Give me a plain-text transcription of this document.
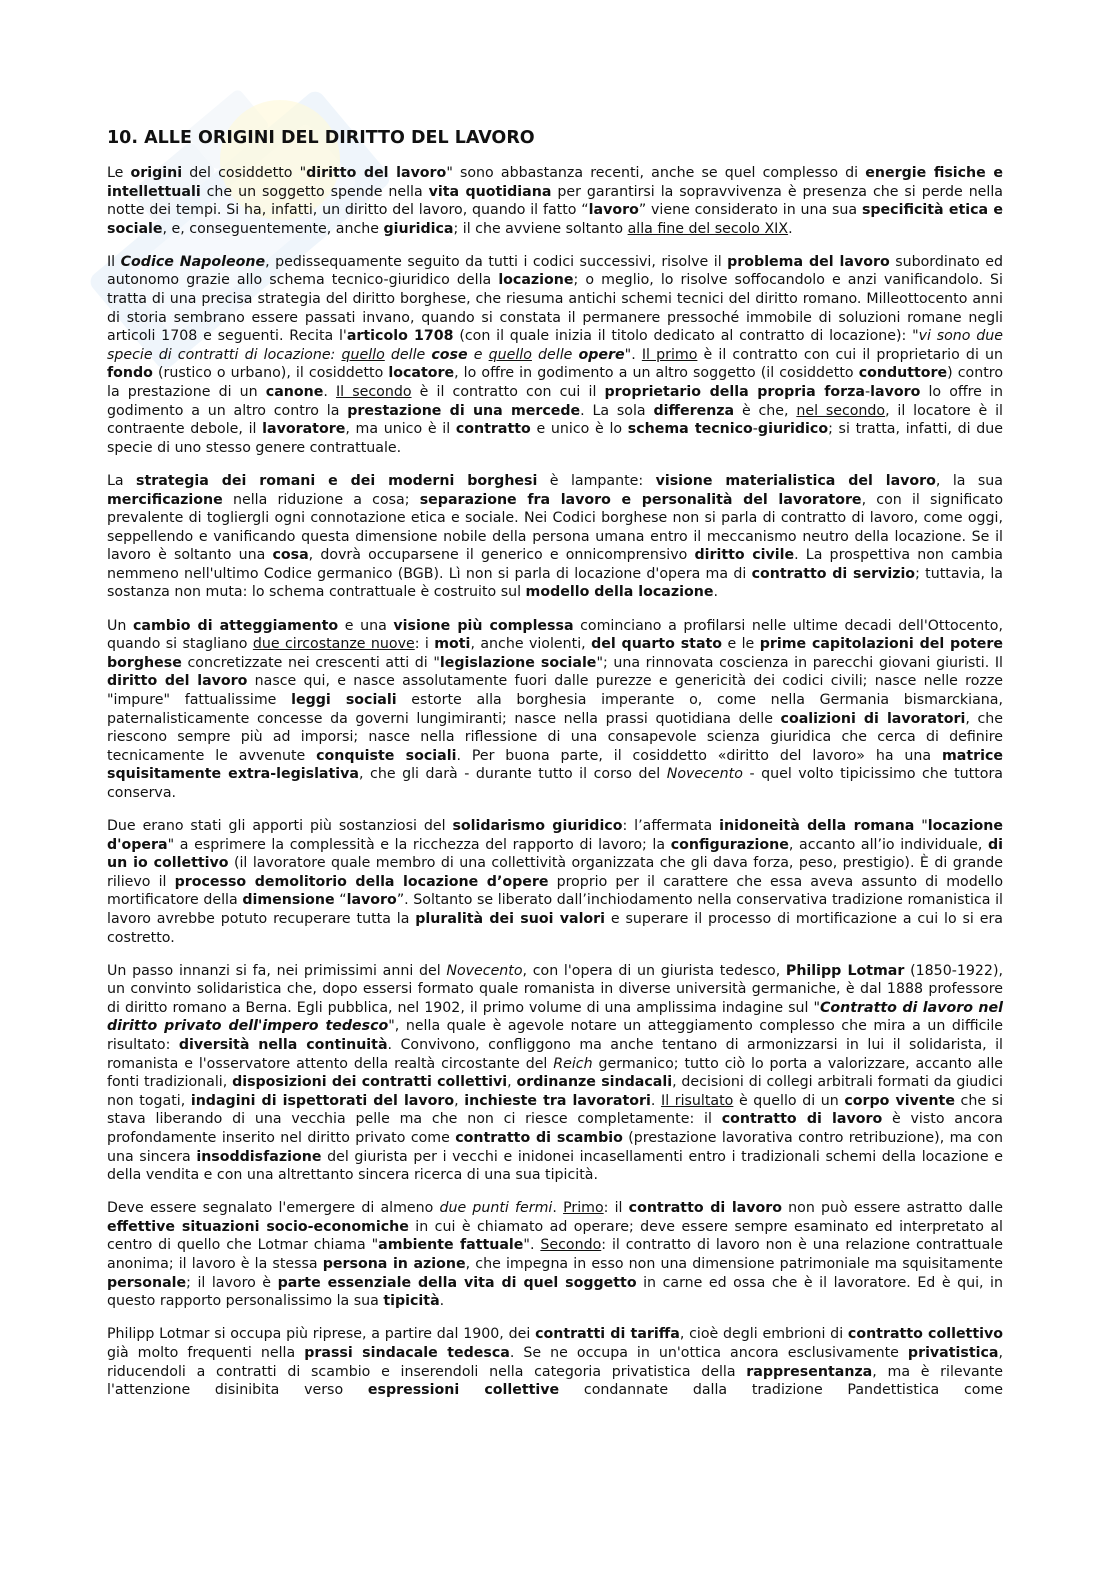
10. ALLE ORIGINI DEL DIRITTO DEL LAVORO

Le origini del cosiddetto "diritto del lavoro" sono abbastanza recenti, anche se quel complesso di energie fisiche e intellettuali che un soggetto spende nella vita quotidiana per garantirsi la sopravvivenza è presenza che si perde nella notte dei tempi. Si ha, infatti, un diritto del lavoro, quando il fatto “lavoro” viene considerato in una sua specificità etica e sociale, e, conseguentemente, anche giuridica; il che avviene soltanto alla fine del secolo XIX.

Il Codice Napoleone, pedissequamente seguito da tutti i codici successivi, risolve il problema del lavoro subordinato ed autonomo grazie allo schema tecnico-giuridico della locazione; o meglio, lo risolve soffocandolo e anzi vanificandolo. Si tratta di una precisa strategia del diritto borghese, che riesuma antichi schemi tecnici del diritto romano. Milleottocento anni di storia sembrano essere passati invano, quando si constata il permanere pressoché immobile di soluzioni romane negli articoli 1708 e seguenti. Recita l'articolo 1708 (con il quale inizia il titolo dedicato al contratto di locazione): "vi sono due specie di contratti di locazione: quello delle cose e quello delle opere". Il primo è il contratto con cui il proprietario di un fondo (rustico o urbano), il cosiddetto locatore, lo offre in godimento a un altro soggetto (il cosiddetto conduttore) contro la prestazione di un canone. Il secondo è il contratto con cui il proprietario della propria forza-lavoro lo offre in godimento a un altro contro la prestazione di una mercede. La sola differenza è che, nel secondo, il locatore è il contraente debole, il lavoratore, ma unico è il contratto e unico è lo schema tecnico-giuridico; si tratta, infatti, di due specie di uno stesso genere contrattuale.

La strategia dei romani e dei moderni borghesi è lampante: visione materialistica del lavoro, la sua mercificazione nella riduzione a cosa; separazione fra lavoro e personalità del lavoratore, con il significato prevalente di togliergli ogni connotazione etica e sociale. Nei Codici borghese non si parla di contratto di lavoro, come oggi, seppellendo e vanificando questa dimensione nobile della persona umana entro il meccanismo neutro della locazione. Se il lavoro è soltanto una cosa, dovrà occuparsene il generico e onnicomprensivo diritto civile. La prospettiva non cambia nemmeno nell'ultimo Codice germanico (BGB). Lì non si parla di locazione d'opera ma di contratto di servizio; tuttavia, la sostanza non muta: lo schema contrattuale è costruito sul modello della locazione.

Un cambio di atteggiamento e una visione più complessa cominciano a profilarsi nelle ultime decadi dell'Ottocento, quando si stagliano due circostanze nuove: i moti, anche violenti, del quarto stato e le prime capitolazioni del potere borghese concretizzate nei crescenti atti di "legislazione sociale"; una rinnovata coscienza in parecchi giovani giuristi. Il diritto del lavoro nasce qui, e nasce assolutamente fuori dalle purezze e genericità dei codici civili; nasce nelle rozze "impure" fattualissime leggi sociali estorte alla borghesia imperante o, come nella Germania bismarckiana, paternalisticamente concesse da governi lungimiranti; nasce nella prassi quotidiana delle coalizioni di lavoratori, che riescono sempre più ad imporsi; nasce nella riflessione di una consapevole scienza giuridica che cerca di definire tecnicamente le avvenute conquiste sociali. Per buona parte, il cosiddetto «diritto del lavoro» ha una matrice squisitamente extra-legislativa, che gli darà - durante tutto il corso del Novecento - quel volto tipicissimo che tuttora conserva.

Due erano stati gli apporti più sostanziosi del solidarismo giuridico: l’affermata inidoneità della romana "locazione d'opera" a esprimere la complessità e la ricchezza del rapporto di lavoro; la configurazione, accanto all’io individuale, di un io collettivo (il lavoratore quale membro di una collettività organizzata che gli dava forza, peso, prestigio). È di grande rilievo il processo demolitorio della locazione d’opere proprio per il carattere che essa aveva assunto di modello mortificatore della dimensione “lavoro”. Soltanto se liberato dall’inchiodamento nella conservativa tradizione romanistica il lavoro avrebbe potuto recuperare tutta la pluralità dei suoi valori e superare il processo di mortificazione a cui lo si era costretto.

Un passo innanzi si fa, nei primissimi anni del Novecento, con l'opera di un giurista tedesco, Philipp Lotmar (1850-1922), un convinto solidaristica che, dopo essersi formato quale romanista in diverse università germaniche, è dal 1888 professore di diritto romano a Berna. Egli pubblica, nel 1902, il primo volume di una amplissima indagine sul "Contratto di lavoro nel diritto privato dell'impero tedesco", nella quale è agevole notare un atteggiamento complesso che mira a un difficile risultato: diversità nella continuità. Convivono, confliggono ma anche tentano di armonizzarsi in lui il solidarista, il romanista e l'osservatore attento della realtà circostante del Reich germanico; tutto ciò lo porta a valorizzare, accanto alle fonti tradizionali, disposizioni dei contratti collettivi, ordinanze sindacali, decisioni di collegi arbitrali formati da giudici non togati, indagini di ispettorati del lavoro, inchieste tra lavoratori. Il risultato è quello di un corpo vivente che si stava liberando di una vecchia pelle ma che non ci riesce completamente: il contratto di lavoro è visto ancora profondamente inserito nel diritto privato come contratto di scambio (prestazione lavorativa contro retribuzione), ma con una sincera insoddisfazione del giurista per i vecchi e inidonei incasellamenti entro i tradizionali schemi della locazione e della vendita e con una altrettanto sincera ricerca di una sua tipicità.

Deve essere segnalato l'emergere di almeno due punti fermi. Primo: il contratto di lavoro non può essere astratto dalle effettive situazioni socio-economiche in cui è chiamato ad operare; deve essere sempre esaminato ed interpretato al centro di quello che Lotmar chiama "ambiente fattuale". Secondo: il contratto di lavoro non è una relazione contrattuale anonima; il lavoro è la stessa persona in azione, che impegna in esso non una dimensione patrimoniale ma squisitamente personale; il lavoro è parte essenziale della vita di quel soggetto in carne ed ossa che è il lavoratore. Ed è qui, in questo rapporto personalissimo la sua tipicità.

Philipp Lotmar si occupa più riprese, a partire dal 1900, dei contratti di tariffa, cioè degli embrioni di contratto collettivo già molto frequenti nella prassi sindacale tedesca. Se ne occupa in un'ottica ancora esclusivamente privatistica, riducendoli a contratti di scambio e inserendoli nella categoria privatistica della rappresentanza, ma è rilevante l'attenzione disinibita verso espressioni collettive condannate dalla tradizione Pandettistica come
